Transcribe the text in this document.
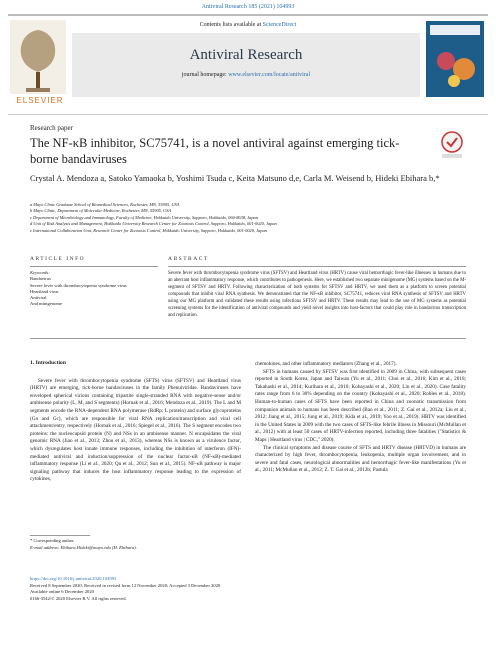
Antiviral Research 185 (2021) 104993
ELSEVIER
Contents lists available at ScienceDirect
Antiviral Research
journal homepage: www.elsevier.com/locate/antiviral
Research paper
The NF-κB inhibitor, SC75741, is a novel antiviral against emerging tick-borne bandaviruses
Crystal A. Mendoza a, Satoko Yamaoka b, Yoshimi Tsuda c, Keita Matsuno d,e, Carla M. Weisend b, Hideki Ebihara b,*
a Mayo Clinic Graduate School of Biomedical Sciences, Rochester, MN, 55905, USA
b Mayo Clinic, Department of Molecular Medicine, Rochester, MN, 55905, USA
c Department of Microbiology and Immunology, Faculty of Medicine, Hokkaido University, Sapporo, Hokkaido, 060-8638, Japan
d Unit of Risk Analysis and Management, Hokkaido University Research Center for Zoonosis Control, Sapporo, Hokkaido, 001-0020, Japan
e International Collaboration Unit, Research Center for Zoonosis Control, Hokkaido University, Sapporo, Hokkaido, 001-0020, Japan
ARTICLE INFO	ABSTRACT
Keywords:
Bandavirus
Severe fever with thrombocytopenia syndrome virus
Heartland virus
Antiviral
And minigenome
Severe fever with thrombocytopenia syndrome virus (SFTSV) and Heartland virus (HRTV) cause viral hemorrhagic fever-like illnesses in humans due to an aberrant host inflammatory response, which contributes to pathogenesis. Here, we established two separate minigenome (MG) systems based on the M-segment of SFTSV and HRTV. Following characterization of both systems for SFTSV and HRTV, we used them as a platform to screen potential compounds that inhibit viral RNA synthesis. We demonstrated that the NF-κB inhibitor, SC75741, reduces viral RNA synthesis of SFTSV and HRTV using our MG platform and validated these results using infectious SFTSV and HRTV. These results may lead to the use of MG systems as potential screening systems for the identification of antiviral compounds and yield novel insights into host-factors that could play role in bandavirus transcription and replication.

1. Introduction

Severe fever with thrombocytopenia syndrome (SFTS) virus (SFTSV) and Heartland virus (HRTV) are emerging, tick-borne bandaviruses in the family Phenuiviridae. Bandaviruses have enveloped spherical virions containing tripartite single-stranded RNA with negative-sense and/or ambisense polarity (L, M, and S segments) (Hornak et al., 2016; Mendoza et al., 2019). The L and M segments encode the RNA-dependent RNA polymerase (RdRp; L protein) and surface glycoproteins (Gn and Gc), which are responsible for viral RNA replication/transcription and viral cell attachment/entry, respectively (Hornak et al., 2016; Spiegel et al., 2016). The S segment encodes two proteins: the nucleocapsid protein (N) and NSs in an ambisense manner. N encapsidates the viral genomic RNA (Jiao et al., 2013; Zhou et al., 2013), whereas NSs is known as a virulence factor, which dysregulates host innate immune responses, including the inhibition of interferon (IFN)-mediated antiviral and induction/suppression of the nuclear factor-κB (NF-κB)-mediated inflammatory response (Li et al., 2020; Qu et al., 2012; Sun et al., 2015). NF-κB pathway is major signaling pathway that induces the host inflammatory response leading to the expression of cytokines,

chemokines, and other inflammatory mediators (Zhang et al., 2017).

SFTS in humans caused by SFTSV was first identified in 2009 in China, with subsequent cases reported in South Korea, Japan and Taiwan (Yu et al., 2011; Choi et al., 2016; Kim et al., 2018; Takahashi et al., 2014; Kurihara et al., 2016; Kobayashi et al., 2020; Lin et al., 2020). Case fatality rates range from 6 to 30% depending on the country (Kobayashi et al., 2020; Robles et al., 2018). Human-to-human cases of SFTS have been reported in China and zoonotic transmission from companion animals to humans has been described (Bao et al., 2011; Z. Gai et al., 2012a; Liu et al., 2012; Jiang et al., 2015; Jung et al., 2019; Kida et al., 2019; Yoo et al., 2019). HRTV was identified in the United States in 2009 with the two cases of SFTS-like febrile illness in Missouri (McMullan et al., 2012) with at least 50 cases of HRTV-infection reported, including three fatalities ("Statistics & Maps | Heartland virus | CDC," 2020).

The clinical symptoms and disease course of SFTS and HRTV disease (HRTVD) in humans are characterized by high fever, thrombocytopenia, leukopenia, multiple organ involvement, and in severe and fatal cases, neurological abnormalities and hemorrhagic fever-like manifestations (Yu et al., 2011; McMullan et al., 2012; Z. T. Gai et al., 2012b; Pastula

* Corresponding author.
E-mail address: Ebihara.Hideki@mayo.edu (H. Ebihara).
https://doi.org/10.1016/j.antiviral.2020.104993
Received 8 September 2020; Received in revised form 12 November 2020; Accepted 3 December 2020
Available online 6 December 2020
0166-3542/© 2020 Elsevier B.V. All rights reserved.
